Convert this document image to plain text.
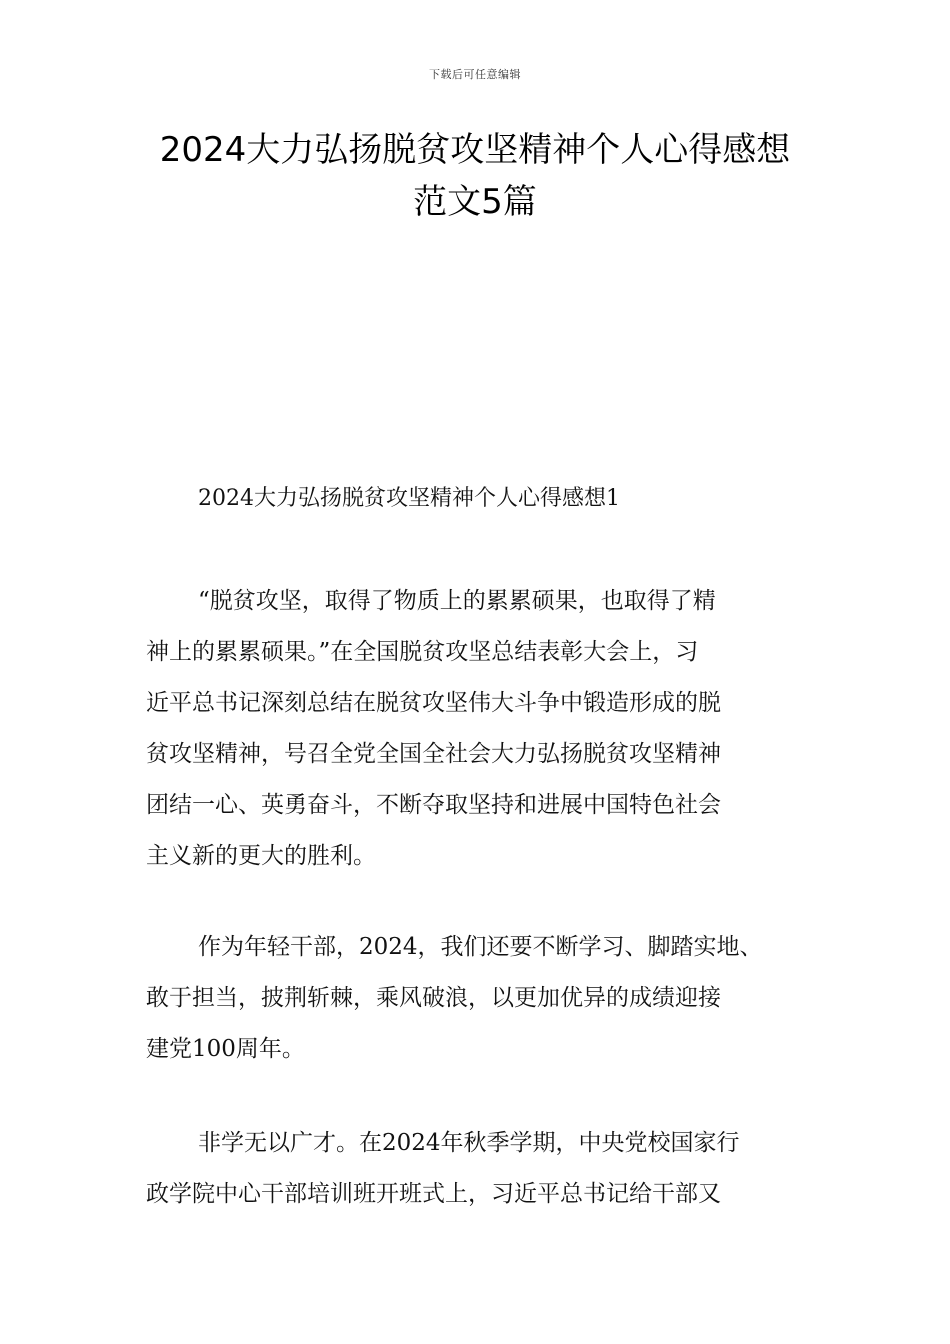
下载后可任意编辑
2024大力弘扬脱贫攻坚精神个人心得感想
范文5篇
2024大力弘扬脱贫攻坚精神个人心得感想1
“脱贫攻坚，取得了物质上的累累硕果，也取得了精
神上的累累硕果。”在全国脱贫攻坚总结表彰大会上，习
近平总书记深刻总结在脱贫攻坚伟大斗争中锻造形成的脱
贫攻坚精神，号召全党全国全社会大力弘扬脱贫攻坚精神
团结一心、英勇奋斗，不断夺取坚持和进展中国特色社会
主义新的更大的胜利。
作为年轻干部，2024，我们还要不断学习、脚踏实地、
敢于担当，披荆斩棘，乘风破浪，以更加优异的成绩迎接
建党100周年。
非学无以广才。在2024年秋季学期，中央党校国家行
政学院中心干部培训班开班式上，习近平总书记给干部又
